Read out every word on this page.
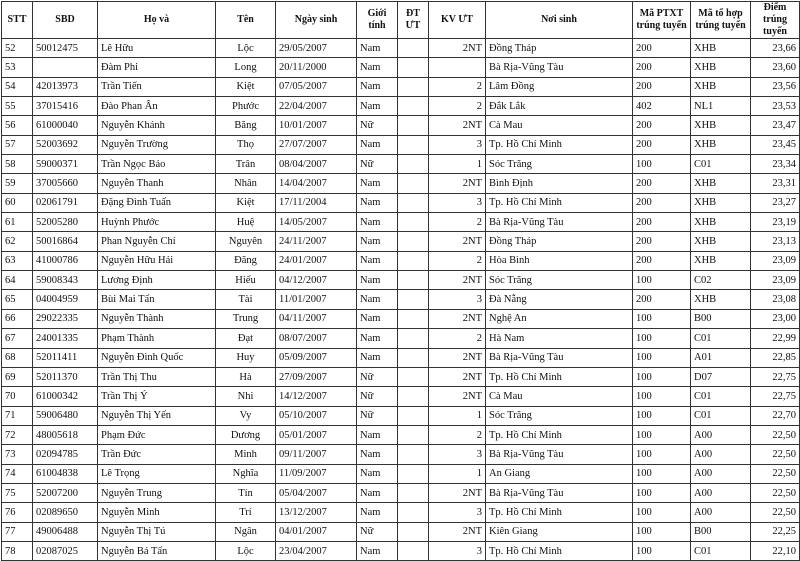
STT	SBD	Họ và	Tên	Ngày sinh	Giới tính	ĐT ƯT	KV ƯT	Nơi sinh	Mã PTXT trúng tuyển	Mã tổ hợp trúng tuyển	Điểm trúng tuyển
52	50012475	Lê Hữu	Lộc	29/05/2007	Nam		2NT	Đồng Tháp	200	XHB	23,66
53		Đàm Phi	Long	20/11/2000	Nam			Bà Rịa-Vũng Tàu	200	XHB	23,60
54	42013973	Trần Tiến	Kiệt	07/05/2007	Nam		2	Lâm Đồng	200	XHB	23,56
55	37015416	Đào Phan Ân	Phước	22/04/2007	Nam		2	Đắk Lắk	402	NL1	23,53
56	61000040	Nguyễn Khánh	Băng	10/01/2007	Nữ		2NT	Cà Mau	200	XHB	23,47
57	52003692	Nguyễn Trường	Thọ	27/07/2007	Nam		3	Tp. Hồ Chí Minh	200	XHB	23,45
58	59000371	Trần Ngọc Bảo	Trân	08/04/2007	Nữ		1	Sóc Trăng	100	C01	23,34
59	37005660	Nguyễn Thanh	Nhân	14/04/2007	Nam		2NT	Bình Định	200	XHB	23,31
60	02061791	Đặng Đình Tuấn	Kiệt	17/11/2004	Nam		3	Tp. Hồ Chí Minh	200	XHB	23,27
61	52005280	Huỳnh Phước	Huệ	14/05/2007	Nam		2	Bà Rịa-Vũng Tàu	200	XHB	23,19
62	50016864	Phan Nguyễn Chí	Nguyên	24/11/2007	Nam		2NT	Đồng Tháp	200	XHB	23,13
63	41000786	Nguyễn Hữu Hải	Đăng	24/01/2007	Nam		2	Hòa Bình	200	XHB	23,09
64	59008343	Lương Định	Hiếu	04/12/2007	Nam		2NT	Sóc Trăng	100	C02	23,09
65	04004959	Bùi Mai Tấn	Tài	11/01/2007	Nam		3	Đà Nẵng	200	XHB	23,08
66	29022335	Nguyễn Thành	Trung	04/11/2007	Nam		2NT	Nghệ An	100	B00	23,00
67	24001335	Phạm Thành	Đạt	08/07/2007	Nam		2	Hà Nam	100	C01	22,99
68	52011411	Nguyễn Đình Quốc	Huy	05/09/2007	Nam		2NT	Bà Rịa-Vũng Tàu	100	A01	22,85
69	52011370	Trần Thị Thu	Hà	27/09/2007	Nữ		2NT	Tp. Hồ Chí Minh	100	D07	22,75
70	61000342	Trần Thị Ý	Nhi	14/12/2007	Nữ		2NT	Cà Mau	100	C01	22,75
71	59006480	Nguyễn Thị Yến	Vy	05/10/2007	Nữ		1	Sóc Trăng	100	C01	22,70
72	48005618	Phạm Đức	Dương	05/01/2007	Nam		2	Tp. Hồ Chí Minh	100	A00	22,50
73	02094785	Trần Đức	Minh	09/11/2007	Nam		3	Bà Rịa-Vũng Tàu	100	A00	22,50
74	61004838	Lê Trọng	Nghĩa	11/09/2007	Nam		1	An Giang	100	A00	22,50
75	52007200	Nguyễn Trung	Tín	05/04/2007	Nam		2NT	Bà Rịa-Vũng Tàu	100	A00	22,50
76	02089650	Nguyễn Minh	Trí	13/12/2007	Nam		3	Tp. Hồ Chí Minh	100	A00	22,50
77	49006488	Nguyễn Thị Tú	Ngân	04/01/2007	Nữ		2NT	Kiên Giang	100	B00	22,25
78	02087025	Nguyễn Bá Tấn	Lộc	23/04/2007	Nam		3	Tp. Hồ Chí Minh	100	C01	22,10
